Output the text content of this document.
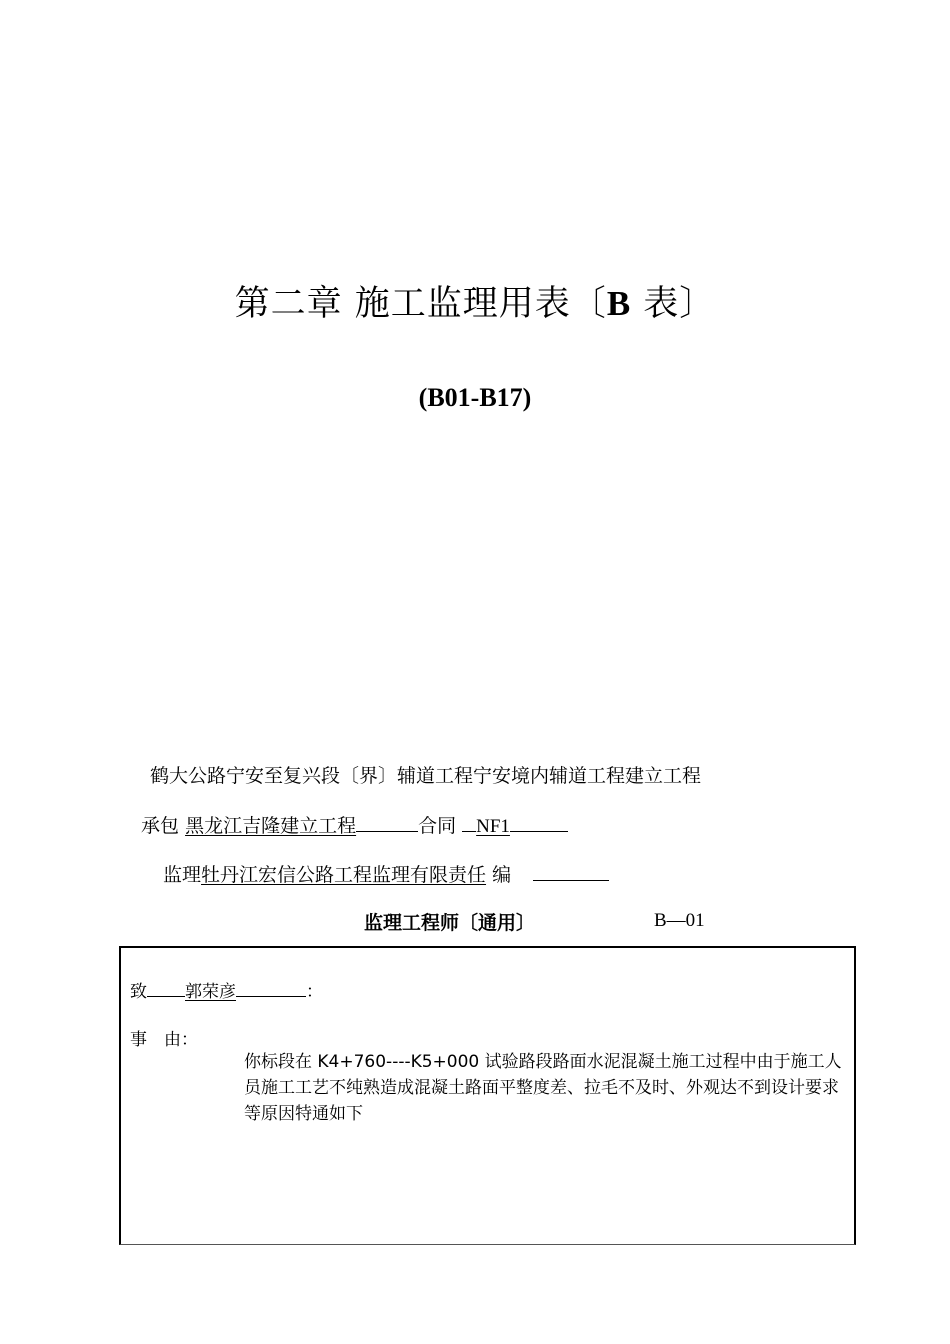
第二章 施工监理用表〔B 表〕
(B01-B17)
鹤大公路宁安至复兴段〔界〕辅道工程宁安境内辅道工程建立工程
承包 黑龙江吉隆建立工程	合同 NF1
监理牡丹江宏信公路工程监理有限责任 编
监理工程师〔通用〕	B—01
致 郭荣彦	：
事　由：
你标段在 K4+760----K5+000 试验路段路面水泥混凝土施工过程中由于施工人员施工工艺不纯熟造成混凝土路面平整度差、拉毛不及时、外观达不到设计要求等原因特通如下
